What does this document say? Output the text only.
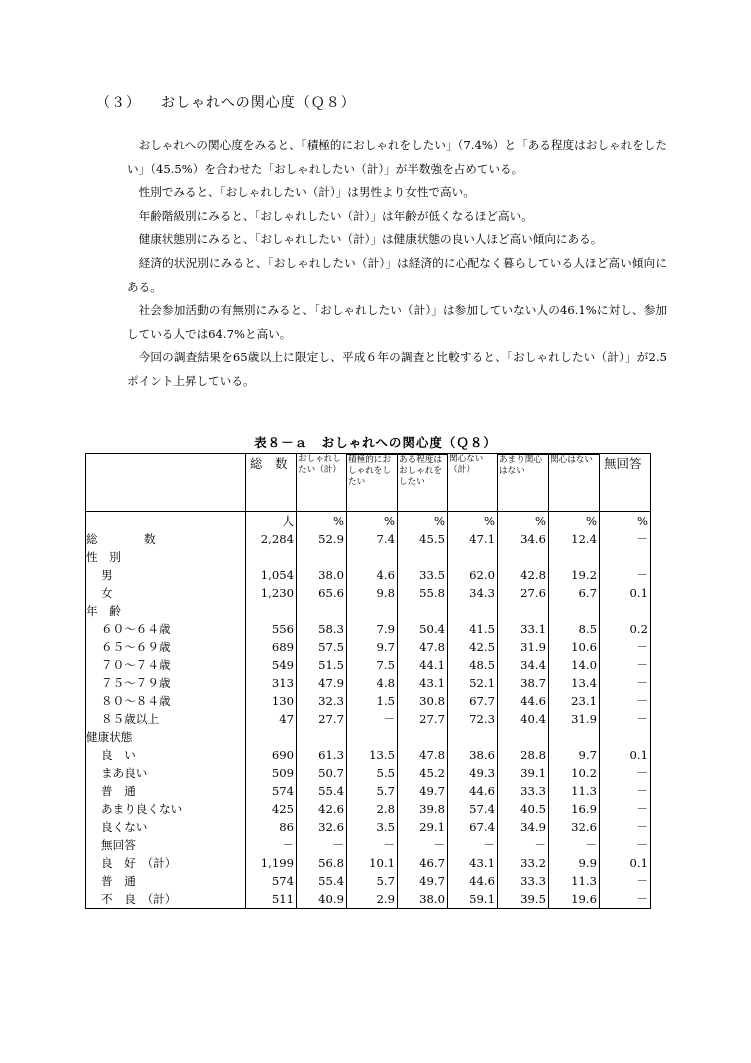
（３） おしゃれへの関心度（Ｑ８）

おしゃれへの関心度をみると、「積極的におしゃれをしたい」（7.4%）と「ある程度はおしゃれをしたい」（45.5%）を合わせた「おしゃれしたい（計）」が半数強を占めている。

性別でみると、「おしゃれしたい（計）」は男性より女性で高い。

年齢階級別にみると、「おしゃれしたい（計）」は年齢が低くなるほど高い。

健康状態別にみると、「おしゃれしたい（計）」は健康状態の良い人ほど高い傾向にある。

経済的状況別にみると、「おしゃれしたい（計）」は経済的に心配なく暮らしている人ほど高い傾向にある。

社会参加活動の有無別にみると、「おしゃれしたい（計）」は参加していない人の46.1%に対し、参加している人では64.7%と高い。

今回の調査結果を65歳以上に限定し、平成６年の調査と比較すると、「おしゃれしたい（計）」が2.5ポイント上昇している。

表８－ａ　おしゃれへの関心度（Ｑ８）
	総　数	おしゃれしたい（計）			関心ない（計）			無回答
			積極的におしゃれをしたい	ある程度はおしゃれをしたい		あまり関心はない	関心はない	
	人	%	%	%	%	%	%	%
総　　　　数	2,284	52.9	7.4	45.5	47.1	34.6	12.4	－
性　別								
男	1,054	38.0	4.6	33.5	62.0	42.8	19.2	－
女	1,230	65.6	9.8	55.8	34.3	27.6	6.7	0.1
年　齢								
６０～６４歳	556	58.3	7.9	50.4	41.5	33.1	8.5	0.2
６５～６９歳	689	57.5	9.7	47.8	42.5	31.9	10.6	－
７０～７４歳	549	51.5	7.5	44.1	48.5	34.4	14.0	－
７５～７９歳	313	47.9	4.8	43.1	52.1	38.7	13.4	－
８０～８４歳	130	32.3	1.5	30.8	67.7	44.6	23.1	－
８５歳以上	47	27.7	－	27.7	72.3	40.4	31.9	－
健康状態								
良　い	690	61.3	13.5	47.8	38.6	28.8	9.7	0.1
まあ良い	509	50.7	5.5	45.2	49.3	39.1	10.2	－
普　通	574	55.4	5.7	49.7	44.6	33.3	11.3	－
あまり良くない	425	42.6	2.8	39.8	57.4	40.5	16.9	－
良くない	86	32.6	3.5	29.1	67.4	34.9	32.6	－
無回答	－	－	－	－	－	－	－	－
良　好　（計）	1,199	56.8	10.1	46.7	43.1	33.2	9.9	0.1
普　通	574	55.4	5.7	49.7	44.6	33.3	11.3	－
不　良　（計）	511	40.9	2.9	38.0	59.1	39.5	19.6	－
